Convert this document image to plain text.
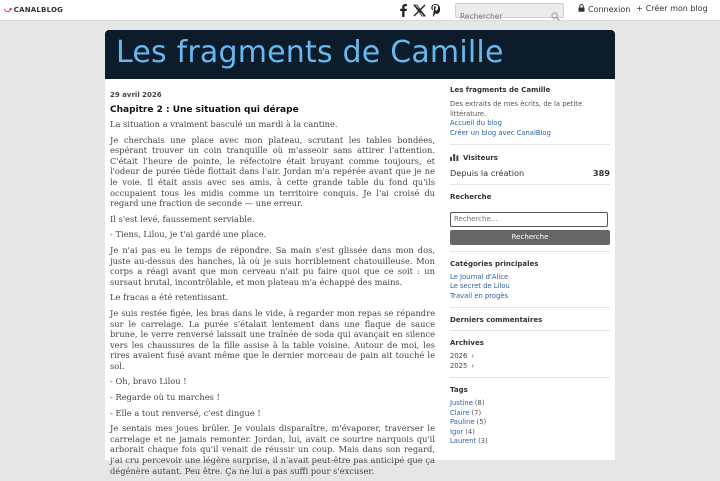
⤻ CANALBLOG
Rechercher	Connexion + Créer mon blog
Les fragments de Camille
29 avril 2026
Chapitre 2 : Une situation qui dérape

La situation a vraiment basculé un mardi à la cantine.

Je cherchais une place avec mon plateau, scrutant les tables bondées, espérant trouver un coin tranquille où m'asseoir sans attirer l'attention. C'était l'heure de pointe, le réfectoire était bruyant comme toujours, et l'odeur de purée tiède flottait dans l'air. Jordan m'a repérée avant que je ne le voie. Il était assis avec ses amis, à cette grande table du fond qu'ils occupaient tous les midis comme un territoire conquis. Je l'ai croisé du regard une fraction de seconde — une erreur.

Il s'est levé, faussement serviable.

- Tiens, Lilou, je t'ai gardé une place.

Je n'ai pas eu le temps de répondre. Sa main s'est glissée dans mon dos, juste au-dessus des hanches, là où je suis horriblement chatouilleuse. Mon corps a réagi avant que mon cerveau n'ait pu faire quoi que ce soit : un sursaut brutal, incontrôlable, et mon plateau m'a échappé des mains.

Le fracas a été retentissant.

Je suis restée figée, les bras dans le vide, à regarder mon repas se répandre sur le carrelage. La purée s'étalait lentement dans une flaque de sauce brune, le verre renversé laissait une traînée de soda qui avançait en silence vers les chaussures de la fille assise à la table voisine. Autour de moi, les rires avaient fusé avant même que le dernier morceau de pain ait touché le sol.

- Oh, bravo Lilou !

- Regarde où tu marches !

- Elle a tout renversé, c'est dingue !

Je sentais mes joues brûler. Je voulais disparaître, m'évaporer, traverser le carrelage et ne jamais remonter. Jordan, lui, avait ce sourire narquois qu'il arborait chaque fois qu'il venait de réussir un coup. Mais dans son regard, j'ai cru percevoir une légère surprise, il n'avait peut-être pas anticipé que ça dégénère autant. Peu être. Ça ne lui a pas suffi pour s'excuser.

Les fragments de Camille
Des extraits de mes écrits, de la petite littérature.
Accueil du blog
Créer un blog avec CanalBlog
Visiteurs
Depuis la création	389
Recherche
Recherche...
Recherche
Catégories principales
Le Journal d'Alice
Le secret de Lilou
Travail en progès
Derniers commentaires
Archives
2026 ›
2025 ›
Tags
Justine (8)
Claire (7)
Pauline (5)
Igor (4)
Laurent (3)
